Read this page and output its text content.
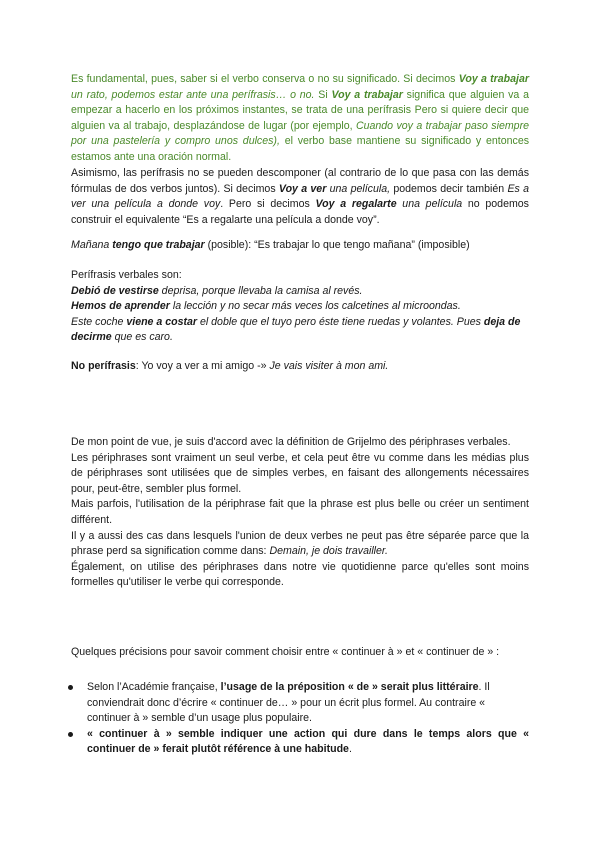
Es fundamental, pues, saber si el verbo conserva o no su significado. Si decimos Voy a trabajar un rato, podemos estar ante una perífrasis… o no. Si Voy a trabajar significa que alguien va a empezar a hacerlo en los próximos instantes, se trata de una perífrasis Pero si quiere decir que alguien va al trabajo, desplazándose de lugar (por ejemplo, Cuando voy a trabajar paso siempre por una pastelería y compro unos dulces), el verbo base mantiene su significado y entonces estamos ante una oración normal.

Asimismo, las perífrasis no se pueden descomponer (al contrario de lo que pasa con las demás fórmulas de dos verbos juntos). Si decimos Voy a ver una película, podemos decir también Es a ver una película a donde voy. Pero si decimos Voy a regalarte una película no podemos construir el equivalente “Es a regalarte una película a donde voy”.

Mañana tengo que trabajar (posible): “Es trabajar lo que tengo mañana” (imposible)

Perífrasis verbales son:

Debió de vestirse deprisa, porque llevaba la camisa al revés.

Hemos de aprender la lección y no secar más veces los calcetines al microondas.

Este coche viene a costar el doble que el tuyo pero éste tiene ruedas y volantes. Pues deja de decirme que es caro.

No perífrasis: Yo voy a ver a mi amigo -» Je vais visiter à mon ami.

De mon point de vue, je suis d'accord avec la définition de Grijelmo des périphrases verbales.

Les périphrases sont vraiment un seul verbe, et cela peut être vu comme dans les médias plus de périphrases sont utilisées que de simples verbes, en faisant des allongements nécessaires pour, peut-être, sembler plus formel.

Mais parfois, l'utilisation de la périphrase fait que la phrase est plus belle ou créer un sentiment différent.

Il y a aussi des cas dans lesquels l'union de deux verbes ne peut pas être séparée parce que la phrase perd sa signification comme dans: Demain, je dois travailler.

Également, on utilise des périphrases dans notre vie quotidienne parce qu'elles sont moins formelles qu'utiliser le verbe qui corresponde.

Quelques précisions pour savoir comment choisir entre « continuer à » et « continuer de » :

Selon l’Académie française, l’usage de la préposition « de » serait plus littéraire. Il conviendrait donc d’écrire « continuer de… » pour un écrit plus formel. Au contraire « continuer à » semble d’un usage plus populaire.
« continuer à » semble indiquer une action qui dure dans le temps alors que « continuer de » ferait plutôt référence à une habitude.
